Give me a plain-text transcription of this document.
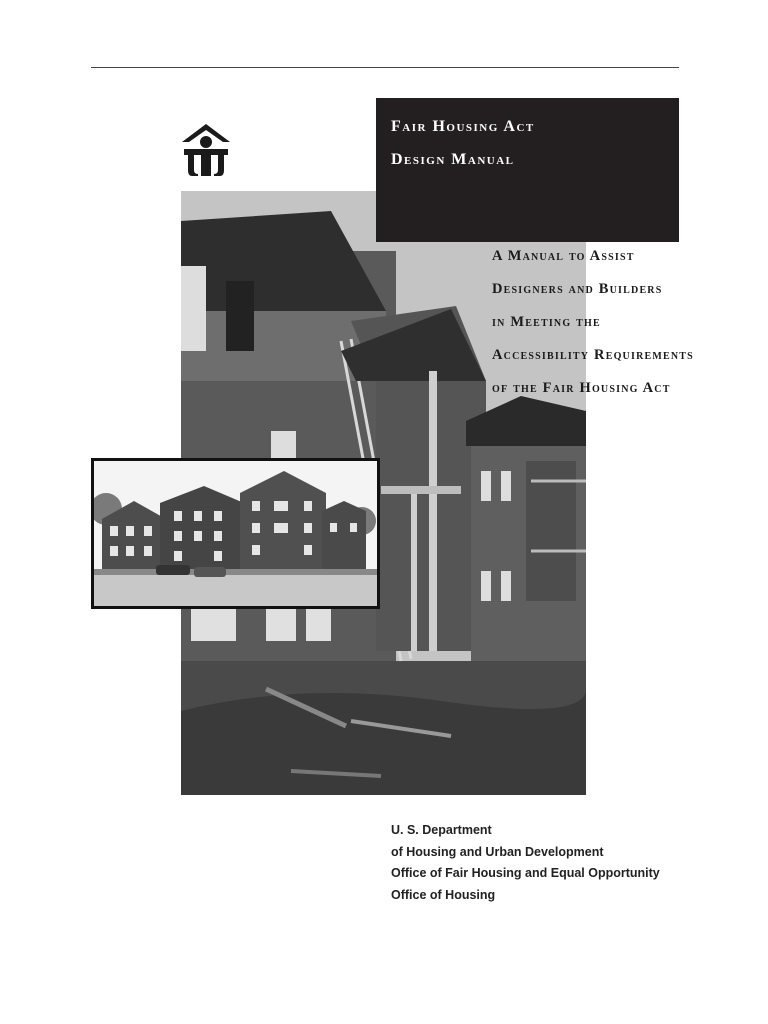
Fair Housing Act
Design Manual
A Manual to Assist
Designers and Builders
in Meeting the
Accessibility Requirements
of the Fair Housing Act
U. S. Department
of Housing and Urban Development
Office of Fair Housing and Equal Opportunity
Office of Housing
